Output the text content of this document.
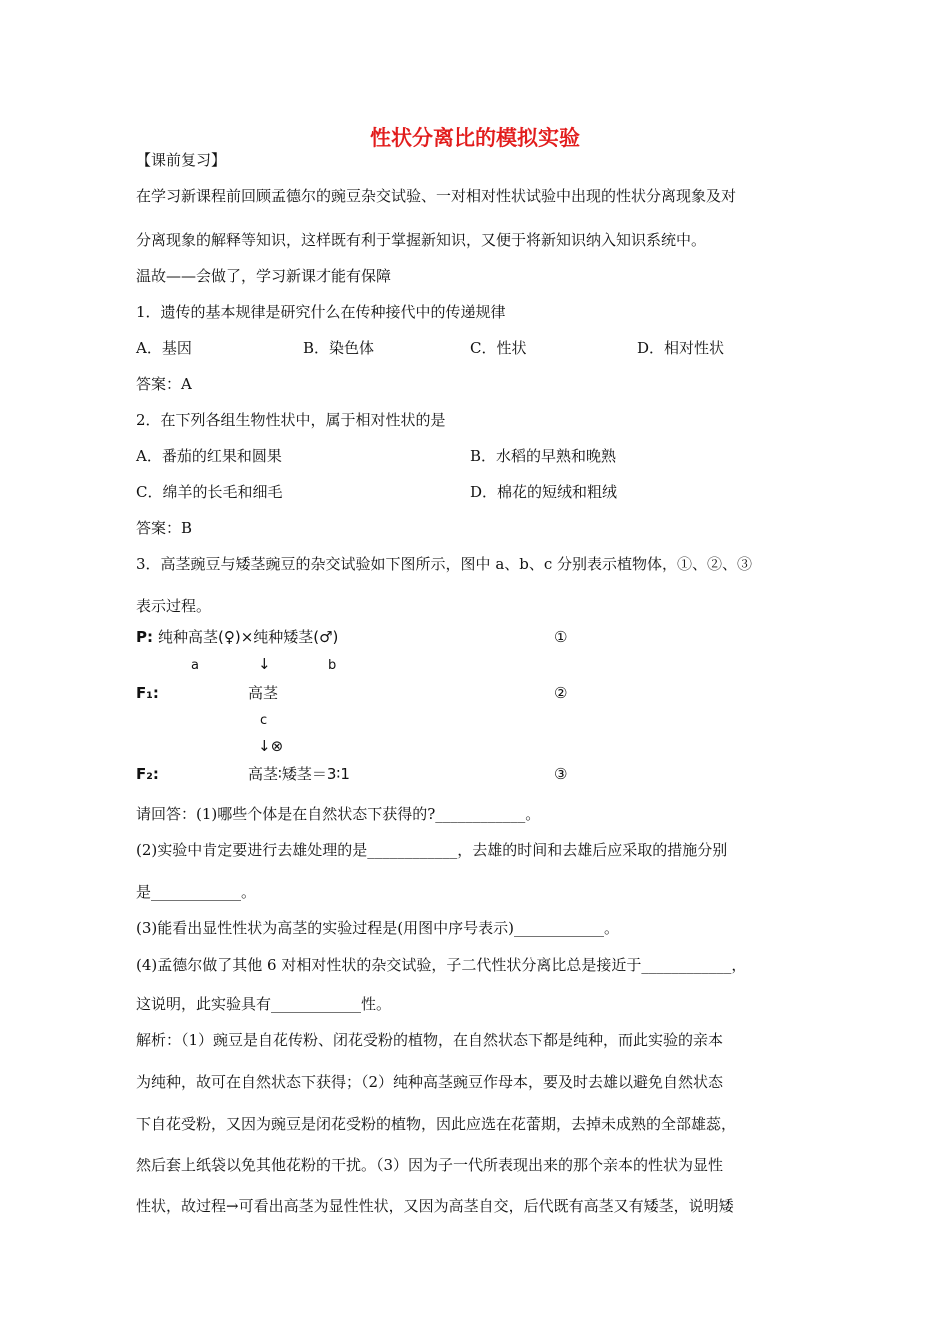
性状分离比的模拟实验
【课前复习】
在学习新课程前回顾孟德尔的豌豆杂交试验、一对相对性状试验中出现的性状分离现象及对
分离现象的解释等知识，这样既有利于掌握新知识，又便于将新知识纳入知识系统中。
温故——会做了，学习新课才能有保障
1．遗传的基本规律是研究什么在传种接代中的传递规律
A．基因	B．染色体	C．性状	D．相对性状
答案：A
2．在下列各组生物性状中，属于相对性状的是
A．番茄的红果和圆果	B．水稻的早熟和晚熟
C．绵羊的长毛和细毛	D．棉花的短绒和粗绒
答案：B
3．高茎豌豆与矮茎豌豆的杂交试验如下图所示，图中 a、b、c 分别表示植物体，①、②、③
表示过程。
P: 纯种高茎(♀)×纯种矮茎(♂)	①
a	↓	b
F₁:	高茎	②
c
↓⊗
F₂:	高茎∶矮茎＝3∶1	③
请回答：(1)哪些个体是在自然状态下获得的?____________。
(2)实验中肯定要进行去雄处理的是____________，去雄的时间和去雄后应采取的措施分别
是____________。
(3)能看出显性性状为高茎的实验过程是(用图中序号表示)____________。
(4)孟德尔做了其他 6 对相对性状的杂交试验，子二代性状分离比总是接近于____________，
这说明，此实验具有____________性。
解析：（1）豌豆是自花传粉、闭花受粉的植物，在自然状态下都是纯种，而此实验的亲本
为纯种，故可在自然状态下获得；（2）纯种高茎豌豆作母本，要及时去雄以避免自然状态
下自花受粉，又因为豌豆是闭花受粉的植物，因此应选在花蕾期，去掉未成熟的全部雄蕊，
然后套上纸袋以免其他花粉的干扰。（3）因为子一代所表现出来的那个亲本的性状为显性
性状，故过程→可看出高茎为显性性状，又因为高茎自交，后代既有高茎又有矮茎，说明矮
